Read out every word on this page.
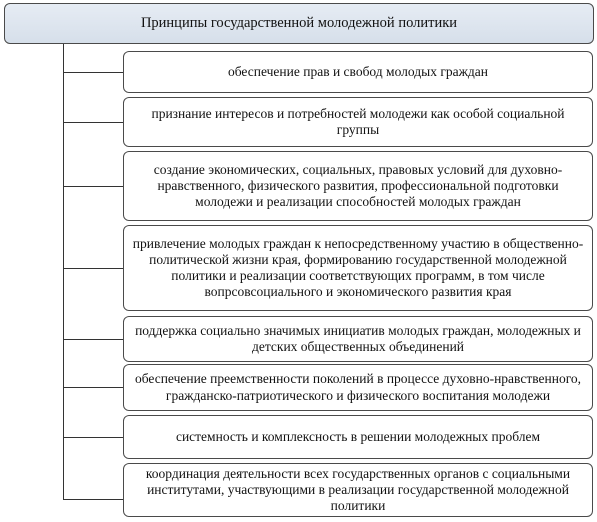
Принципы государственной молодежной политики
обеспечение прав и свобод молодых граждан
признание интересов и потребностей молодежи как особой социальной группы
создание экономических, социальных, правовых условий для духовно-нравственного, физического развития, профессиональной подготовки молодежи и реализации способностей молодых граждан
привлечение молодых граждан к непосредственному участию в общественно-политической жизни края, формированию государственной молодежной политики и реализации соответствующих программ, в том числе вопрсовсоциального и экономического развития края
поддержка социально значимых инициатив молодых граждан, молодежных и детских общественных объединений
обеспечение преемственности поколений в процессе духовно-нравственного, гражданско-патриотического и физического воспитания молодежи
системность и комплексность в решении молодежных проблем
координация деятельности всех государственных органов с социальными институтами, участвующими в реализации государственной молодежной политики
